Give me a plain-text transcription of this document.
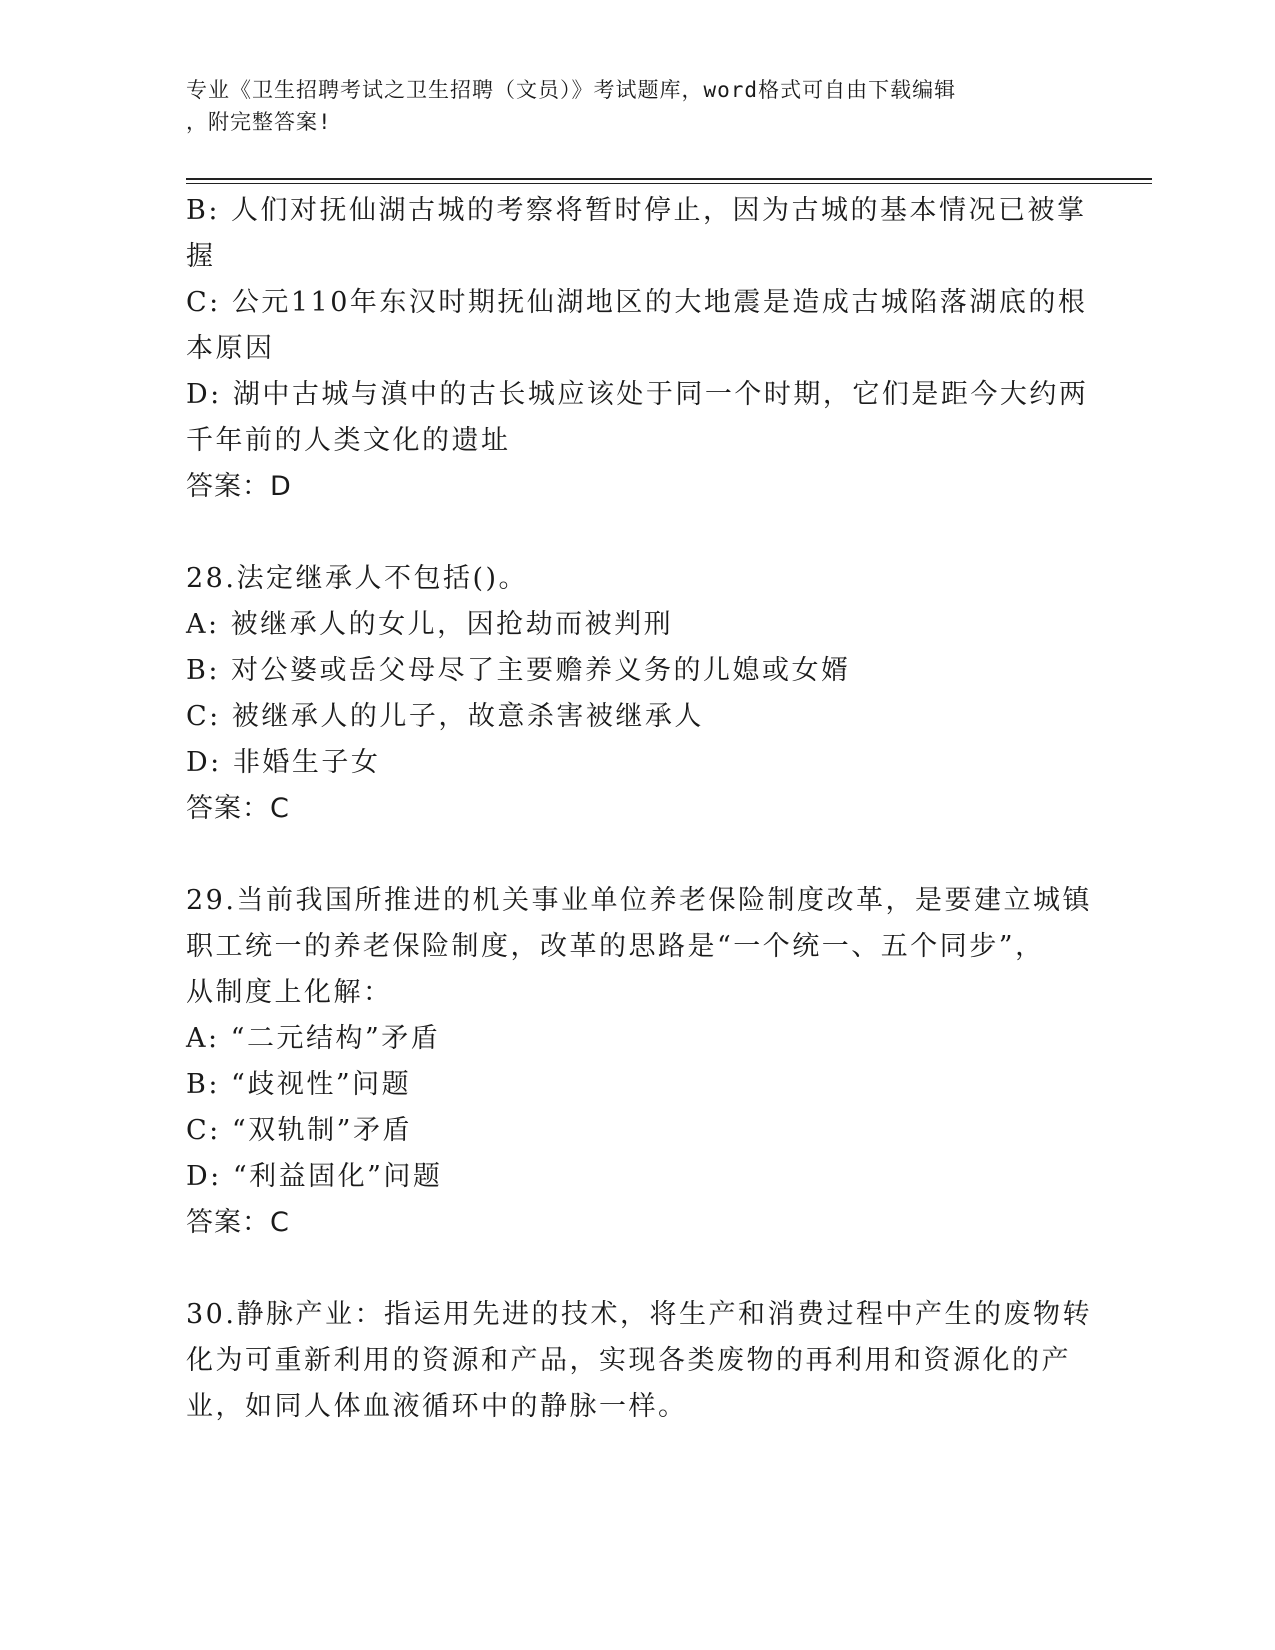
专业《卫生招聘考试之卫生招聘（文员）》考试题库，word格式可自由下载编辑
，附完整答案!
B: 人们对抚仙湖古城的考察将暂时停止，因为古城的基本情况已被掌
握
C: 公元110年东汉时期抚仙湖地区的大地震是造成古城陷落湖底的根
本原因
D: 湖中古城与滇中的古长城应该处于同一个时期，它们是距今大约两
千年前的人类文化的遗址
答案：D
28.法定继承人不包括()。
A: 被继承人的女儿，因抢劫而被判刑
B: 对公婆或岳父母尽了主要赡养义务的儿媳或女婿
C: 被继承人的儿子，故意杀害被继承人
D: 非婚生子女
答案：C
29.当前我国所推进的机关事业单位养老保险制度改革，是要建立城镇
职工统一的养老保险制度，改革的思路是“一个统一、五个同步”，
从制度上化解：
A: “二元结构”矛盾
B: “歧视性”问题
C: “双轨制”矛盾
D: “利益固化”问题
答案：C
30.静脉产业：指运用先进的技术，将生产和消费过程中产生的废物转
化为可重新利用的资源和产品，实现各类废物的再利用和资源化的产
业，如同人体血液循环中的静脉一样。
